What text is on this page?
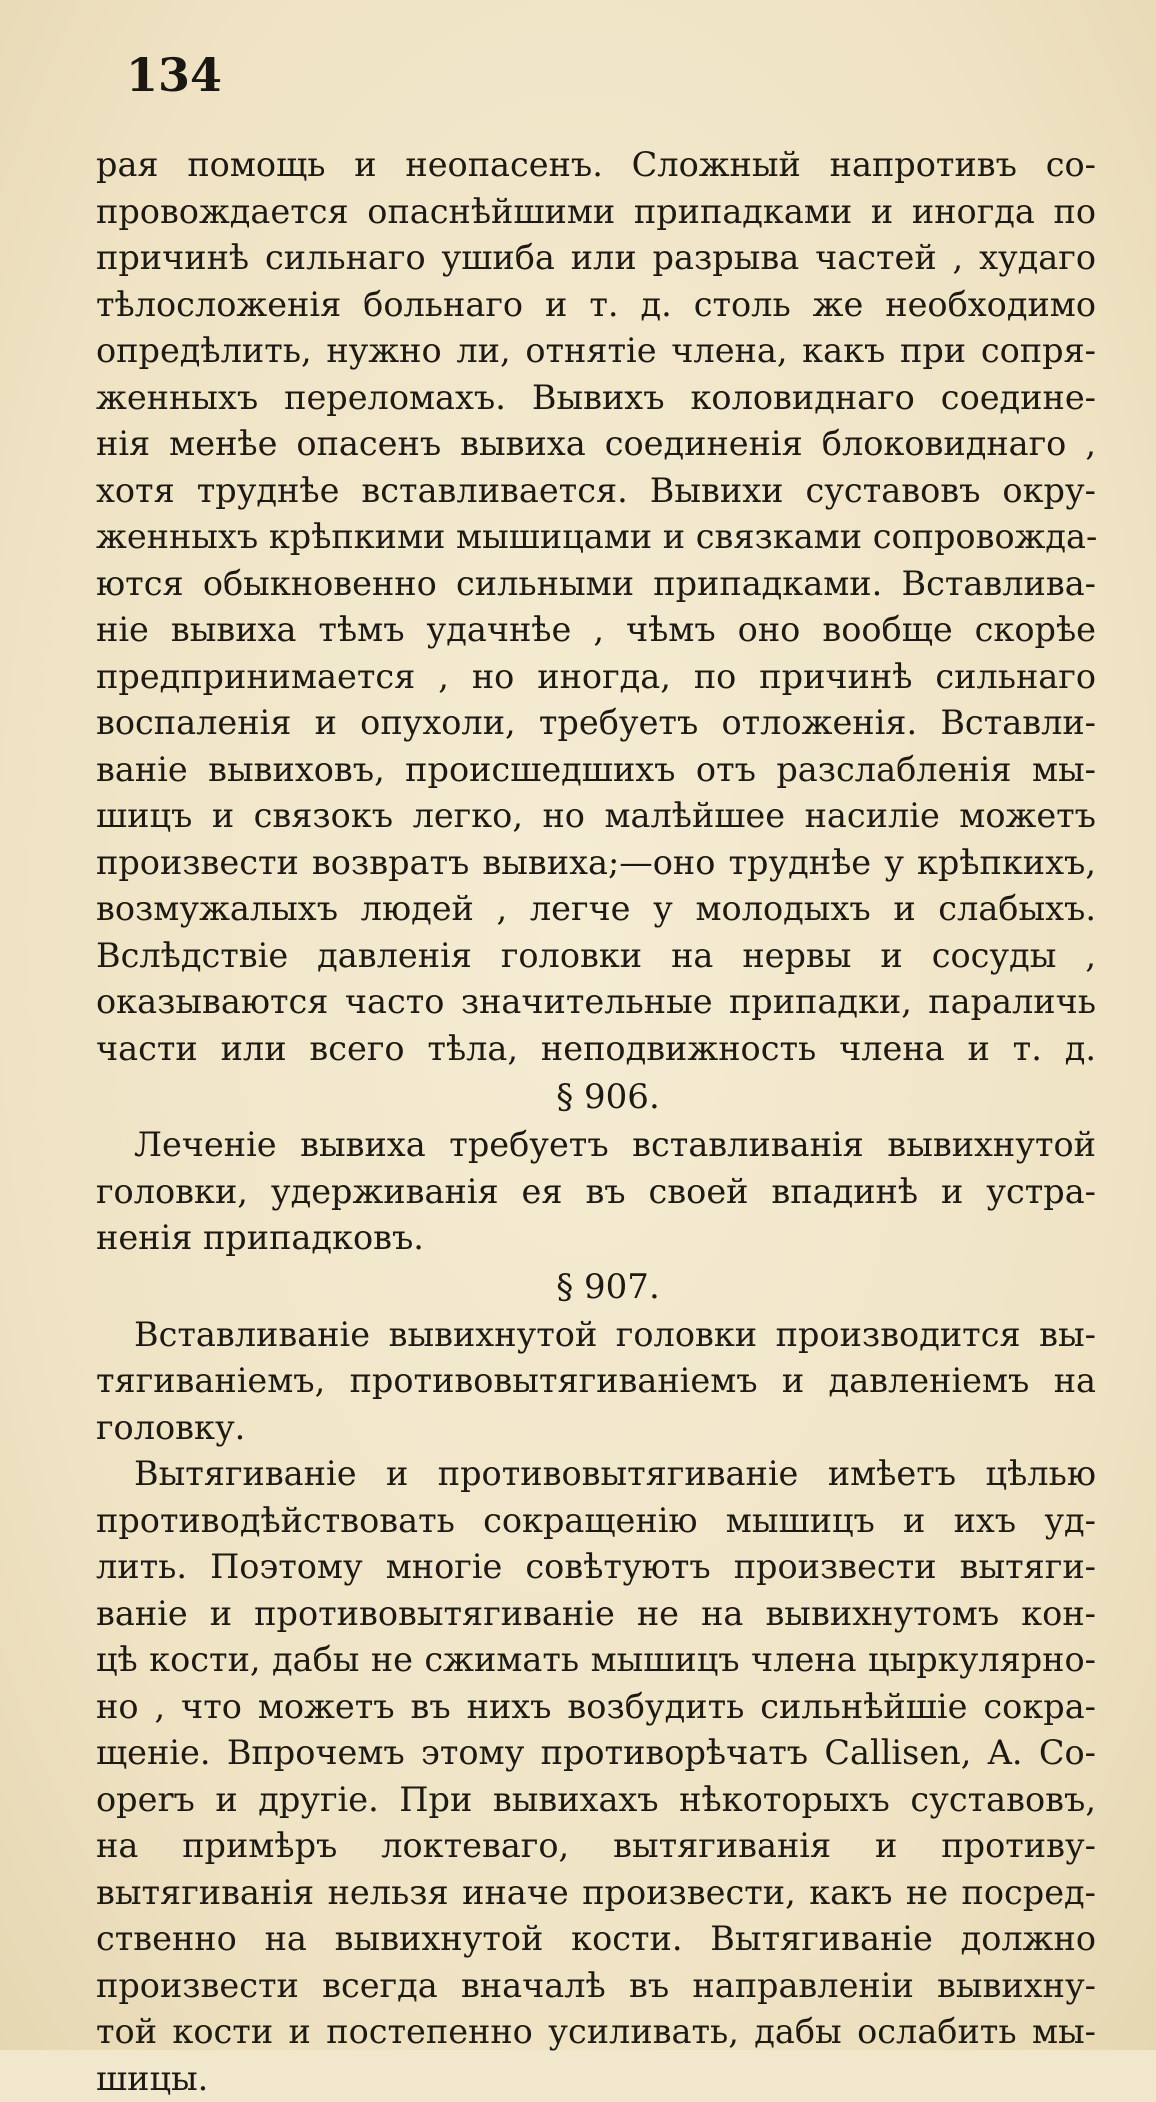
134
рая помощь и неопасенъ. Сложный напротивъ со-
провождается опаснѣйшими припадками и иногда по
причинѣ сильнаго ушиба или разрыва частей , худаго
тѣлосложенія больнаго и т. д. столь же необходимо
опредѣлить, нужно ли, отнятіе члена, какъ при сопря-
женныхъ переломахъ. Вывихъ коловиднаго соедине-
нія менѣе опасенъ вывиха соединенія блоковиднаго ,
хотя труднѣе вставливается. Вывихи суставовъ окру-
женныхъ крѣпкими мышицами и связками сопровожда-
ются обыкновенно сильными припадками. Вставлива-
ніе вывиха тѣмъ удачнѣе , чѣмъ оно вообще скорѣе
предпринимается , но иногда, по причинѣ сильнаго
воспаленія и опухоли, требуетъ отложенія. Вставли-
ваніе вывиховъ, происшедшихъ отъ разслабленія мы-
шицъ и связокъ легко, но малѣйшее насиліе можетъ
произвести возвратъ вывиха;—оно труднѣе у крѣпкихъ,
возмужалыхъ людей , легче у молодыхъ и слабыхъ.
Вслѣдствіе давленія головки на нервы и сосуды ,
оказываются часто значительные припадки, параличь
части или всего тѣла, неподвижность члена и т. д.
§ 906.
Леченіе вывиха требуетъ вставливанія вывихнутой
головки, удерживанія ея въ своей впадинѣ и устра-
ненія припадковъ.
§ 907.
Вставливаніе вывихнутой головки производится вы-
тягиваніемъ, противовытягиваніемъ и давленіемъ на
головку.
Вытягиваніе и противовытягиваніе имѣетъ цѣлью
противодѣйствовать сокращенію мышицъ и ихъ уд-
лить. Поэтому многіе совѣтуютъ произвести вытяги-
ваніе и противовытягиваніе не на вывихнутомъ кон-
цѣ кости, дабы не сжимать мышицъ члена цыркулярно-
но , что можетъ въ нихъ возбудить сильнѣйшіе сокра-
щеніе. Впрочемъ этому противорѣчатъ Callisen, A. Co-
operъ и другіе. При вывихахъ нѣкоторыхъ суставовъ,
на примѣръ локтеваго, вытягиванія и противу-
вытягиванія нельзя иначе произвести, какъ не посред-
ственно на вывихнутой кости. Вытягиваніе должно
произвести всегда вначалѣ въ направленіи вывихну-
той кости и постепенно усиливать, дабы ослабить мы-
шицы.
